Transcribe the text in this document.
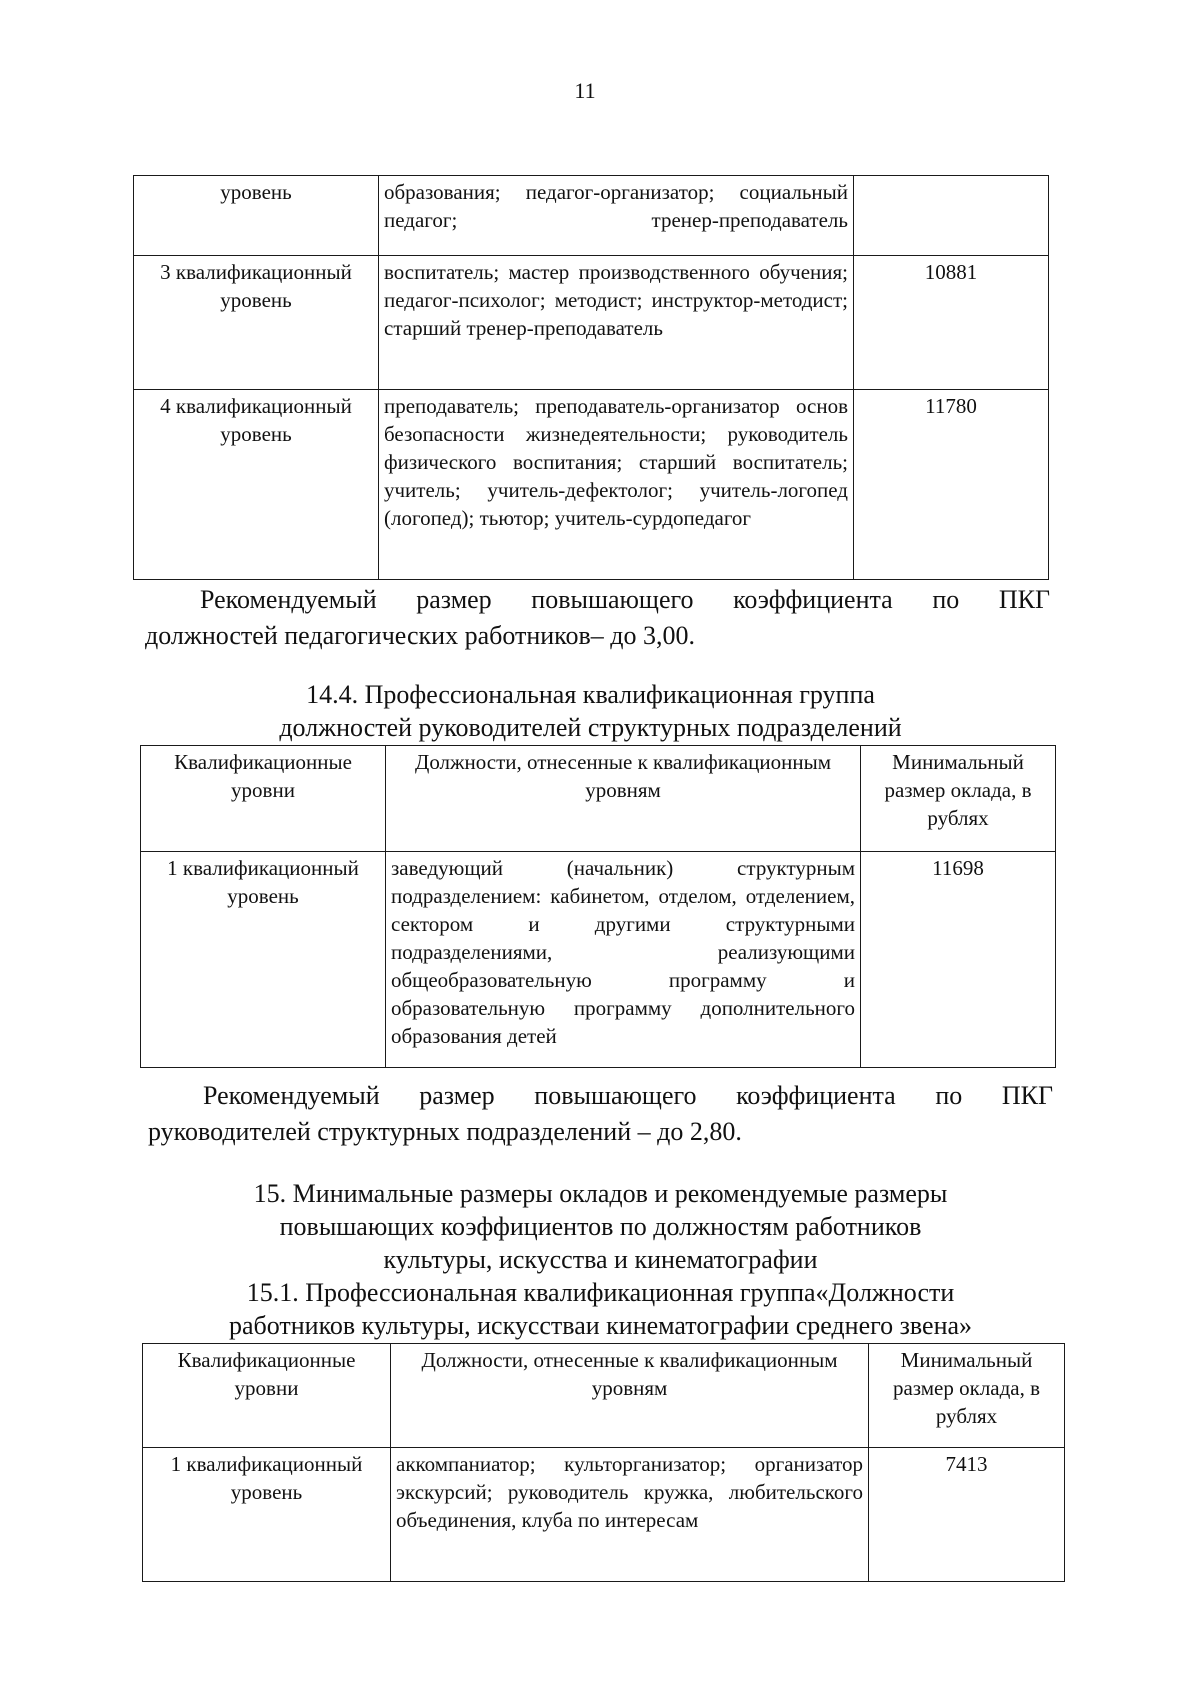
11
уровень	образования; педагог-организатор; социальный педагог; тренер-преподаватель	
3 квалификационный уровень	воспитатель; мастер производственного обучения; педагог-психолог; методист; инструктор-методист; старший тренер-преподаватель	10881
4 квалификационный уровень	преподаватель; преподаватель-организатор основ безопасности жизнедеятельности; руководитель физического воспитания; старший воспитатель; учитель; учитель-дефектолог; учитель-логопед (логопед); тьютор; учитель-сурдопедагог	11780
Рекомендуемый размер повышающего коэффициента по ПКГ
должностей педагогических работников– до 3,00.
14.4. Профессиональная квалификационная группа
должностей руководителей структурных подразделений
Квалификационные уровни	Должности, отнесенные к квалификационным уровням	Минимальный размер оклада, в рублях
1 квалификационный уровень	заведующий (начальник) структурным подразделением: кабинетом, отделом, отделением, сектором и другими структурными подразделениями, реализующими общеобразовательную программу и образовательную программу дополнительного образования детей	11698
Рекомендуемый размер повышающего коэффициента по ПКГ
руководителей структурных подразделений – до 2,80.
15. Минимальные размеры окладов и рекомендуемые размеры
повышающих коэффициентов по должностям работников
культуры, искусства и кинематографии
15.1. Профессиональная квалификационная группа«Должности
работников культуры, искусстваи кинематографии среднего звена»
Квалификационные уровни	Должности, отнесенные к квалификационным уровням	Минимальный размер оклада, в рублях
1 квалификационный уровень	аккомпаниатор; культорганизатор; организатор экскурсий; руководитель кружка, любительского объединения, клуба по интересам	7413
